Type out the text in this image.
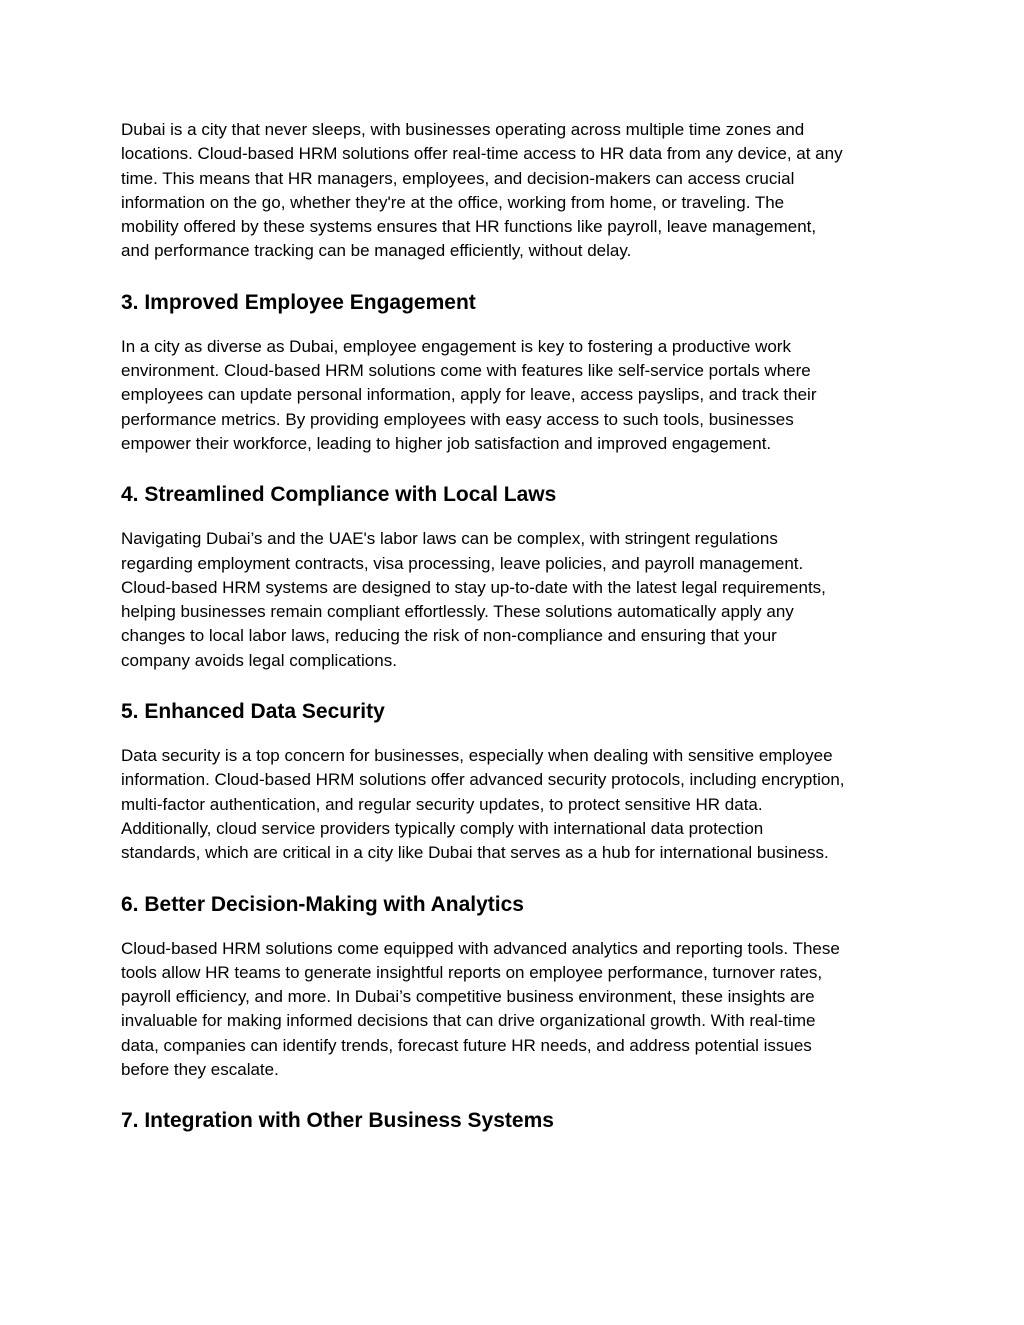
Dubai is a city that never sleeps, with businesses operating across multiple time zones and
locations. Cloud-based HRM solutions offer real-time access to HR data from any device, at any
time. This means that HR managers, employees, and decision-makers can access crucial
information on the go, whether they're at the office, working from home, or traveling. The
mobility offered by these systems ensures that HR functions like payroll, leave management,
and performance tracking can be managed efficiently, without delay.

3. Improved Employee Engagement

In a city as diverse as Dubai, employee engagement is key to fostering a productive work
environment. Cloud-based HRM solutions come with features like self-service portals where
employees can update personal information, apply for leave, access payslips, and track their
performance metrics. By providing employees with easy access to such tools, businesses
empower their workforce, leading to higher job satisfaction and improved engagement.

4. Streamlined Compliance with Local Laws

Navigating Dubai’s and the UAE's labor laws can be complex, with stringent regulations
regarding employment contracts, visa processing, leave policies, and payroll management.
Cloud-based HRM systems are designed to stay up-to-date with the latest legal requirements,
helping businesses remain compliant effortlessly. These solutions automatically apply any
changes to local labor laws, reducing the risk of non-compliance and ensuring that your
company avoids legal complications.

5. Enhanced Data Security

Data security is a top concern for businesses, especially when dealing with sensitive employee
information. Cloud-based HRM solutions offer advanced security protocols, including encryption,
multi-factor authentication, and regular security updates, to protect sensitive HR data.
Additionally, cloud service providers typically comply with international data protection
standards, which are critical in a city like Dubai that serves as a hub for international business.

6. Better Decision-Making with Analytics

Cloud-based HRM solutions come equipped with advanced analytics and reporting tools. These
tools allow HR teams to generate insightful reports on employee performance, turnover rates,
payroll efficiency, and more. In Dubai’s competitive business environment, these insights are
invaluable for making informed decisions that can drive organizational growth. With real-time
data, companies can identify trends, forecast future HR needs, and address potential issues
before they escalate.

7. Integration with Other Business Systems
